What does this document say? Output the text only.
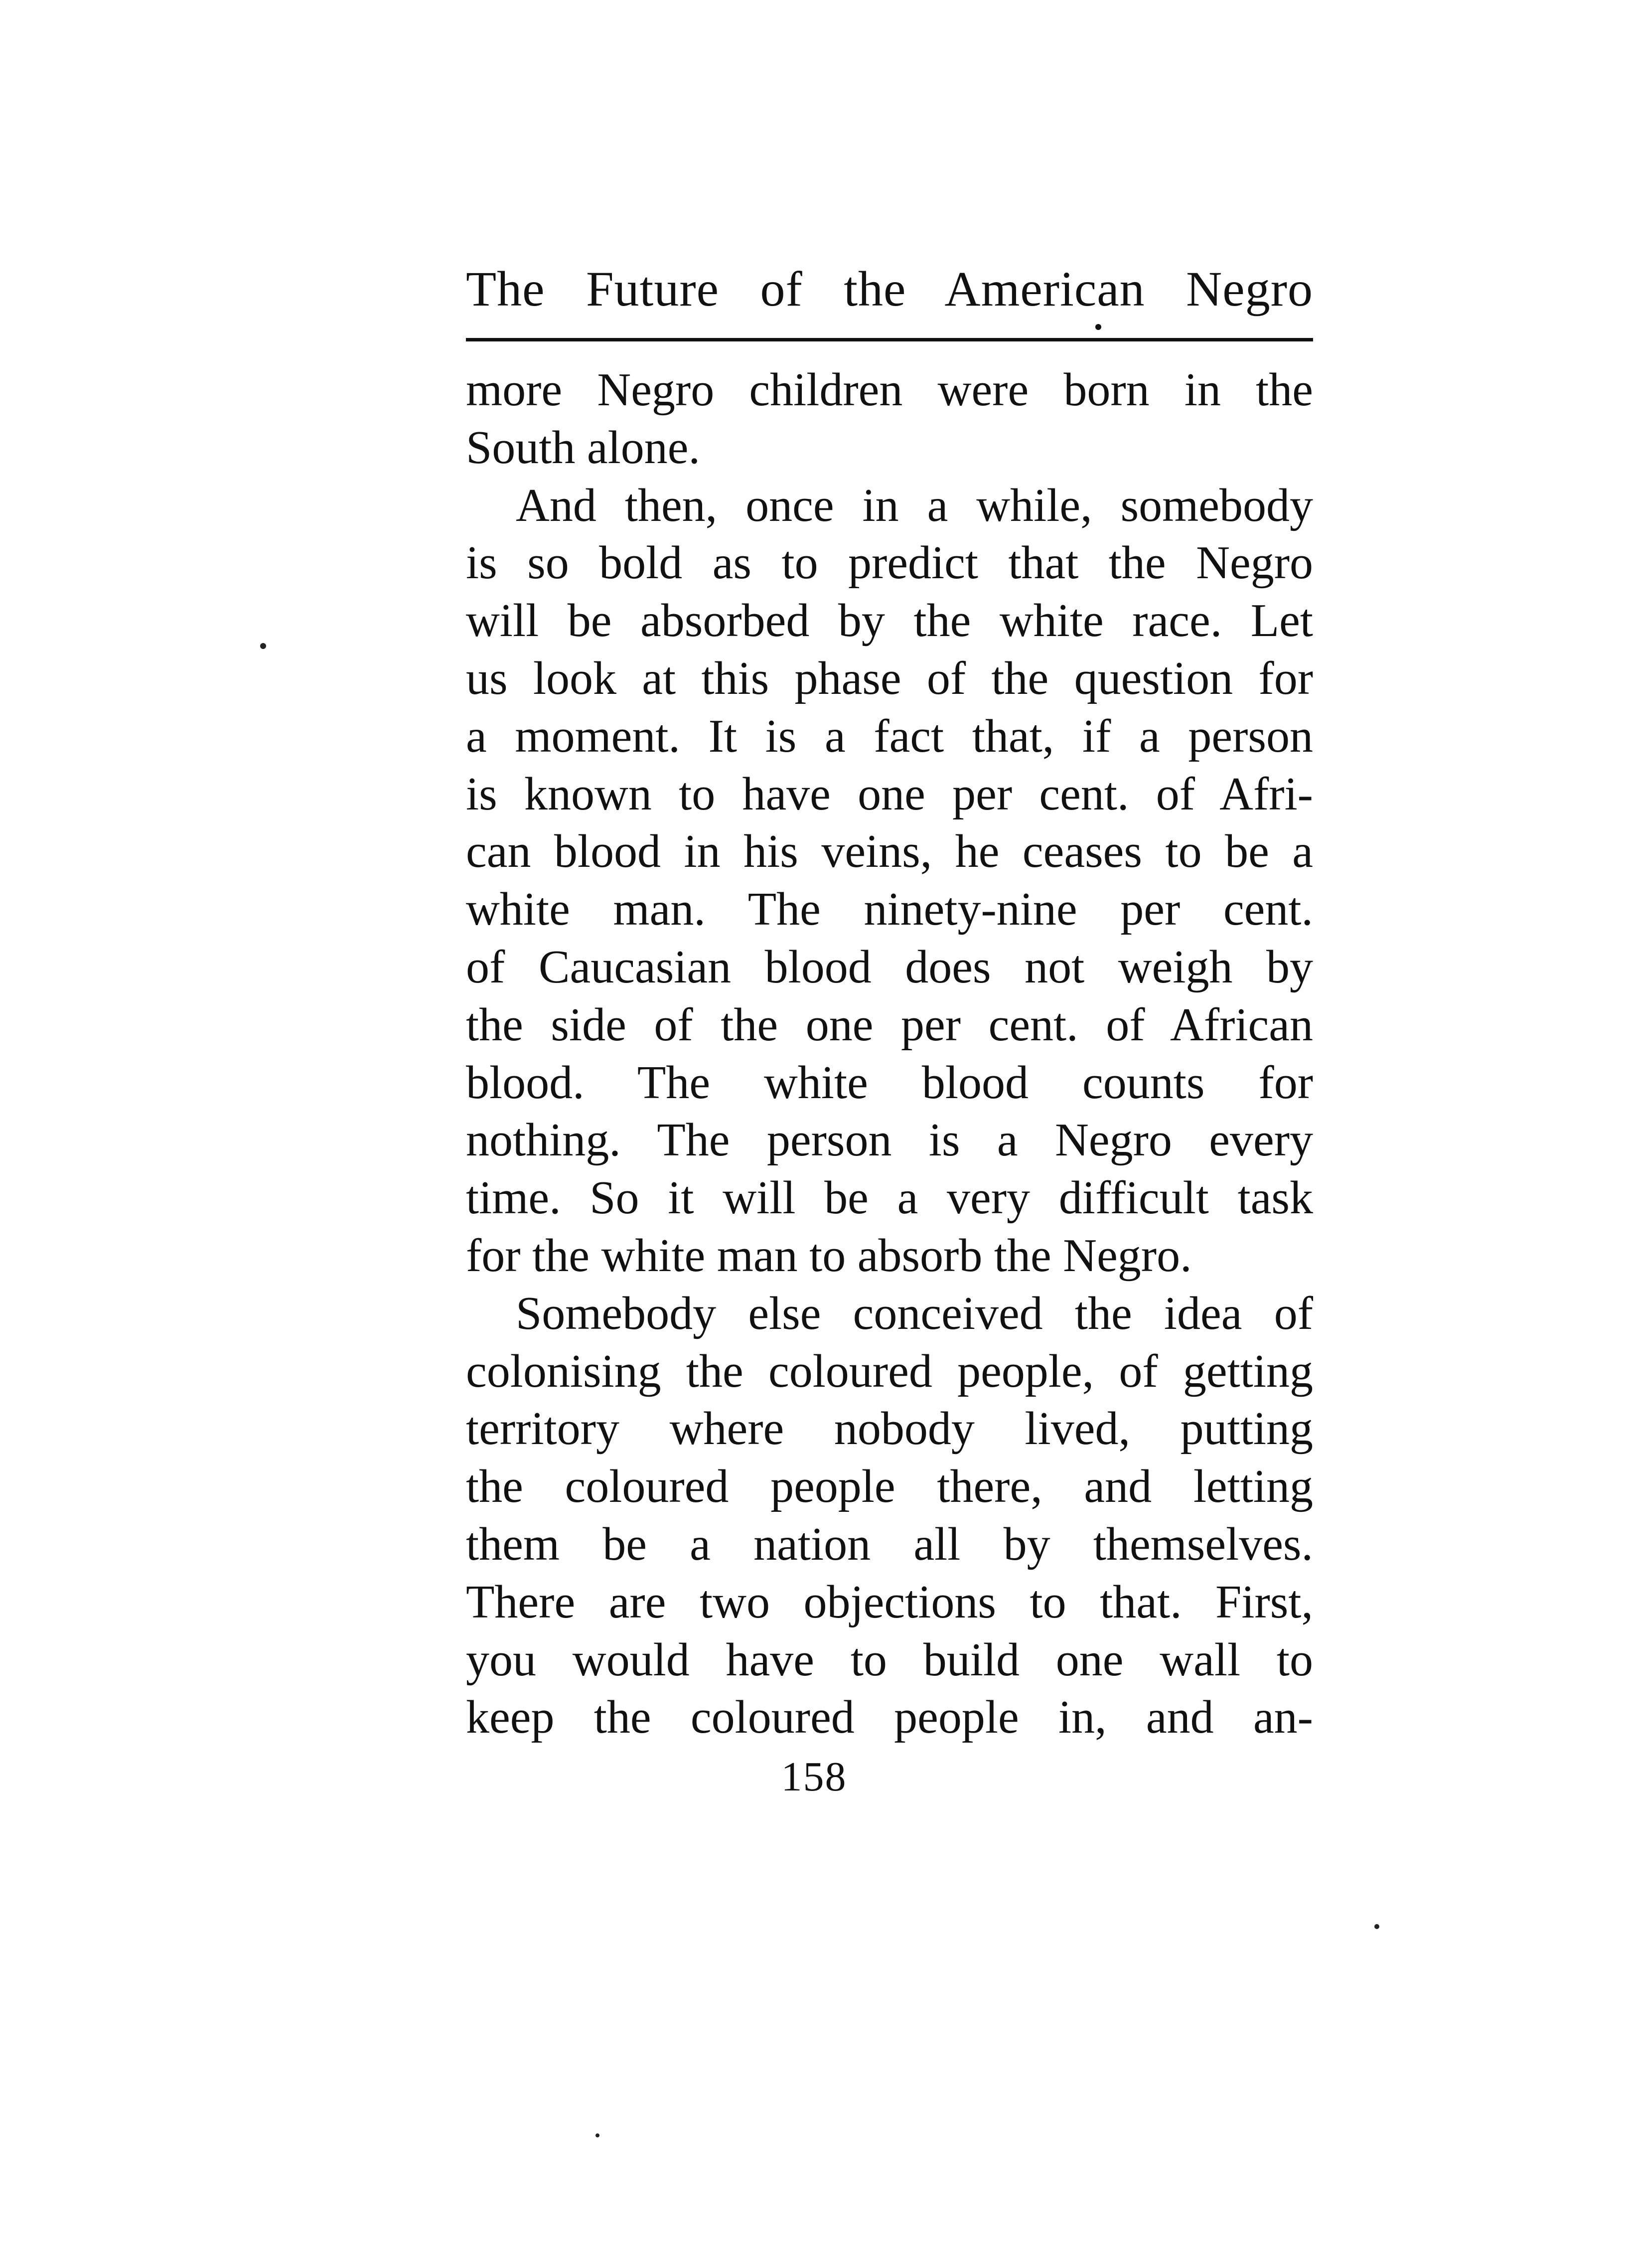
The Future of the American Negro
more Negro children were born in the
South alone.
And then, once in a while, somebody
is so bold as to predict that the Negro
will be absorbed by the white race. Let
us look at this phase of the question for
a moment. It is a fact that, if a person
is known to have one per cent. of Afri-
can blood in his veins, he ceases to be a
white man. The ninety-nine per cent.
of Caucasian blood does not weigh by
the side of the one per cent. of African
blood. The white blood counts for
nothing. The person is a Negro every
time. So it will be a very difficult task
for the white man to absorb the Negro.
Somebody else conceived the idea of
colonising the coloured people, of getting
territory where nobody lived, putting
the coloured people there, and letting
them be a nation all by themselves.
There are two objections to that. First,
you would have to build one wall to
keep the coloured people in, and an-
158
